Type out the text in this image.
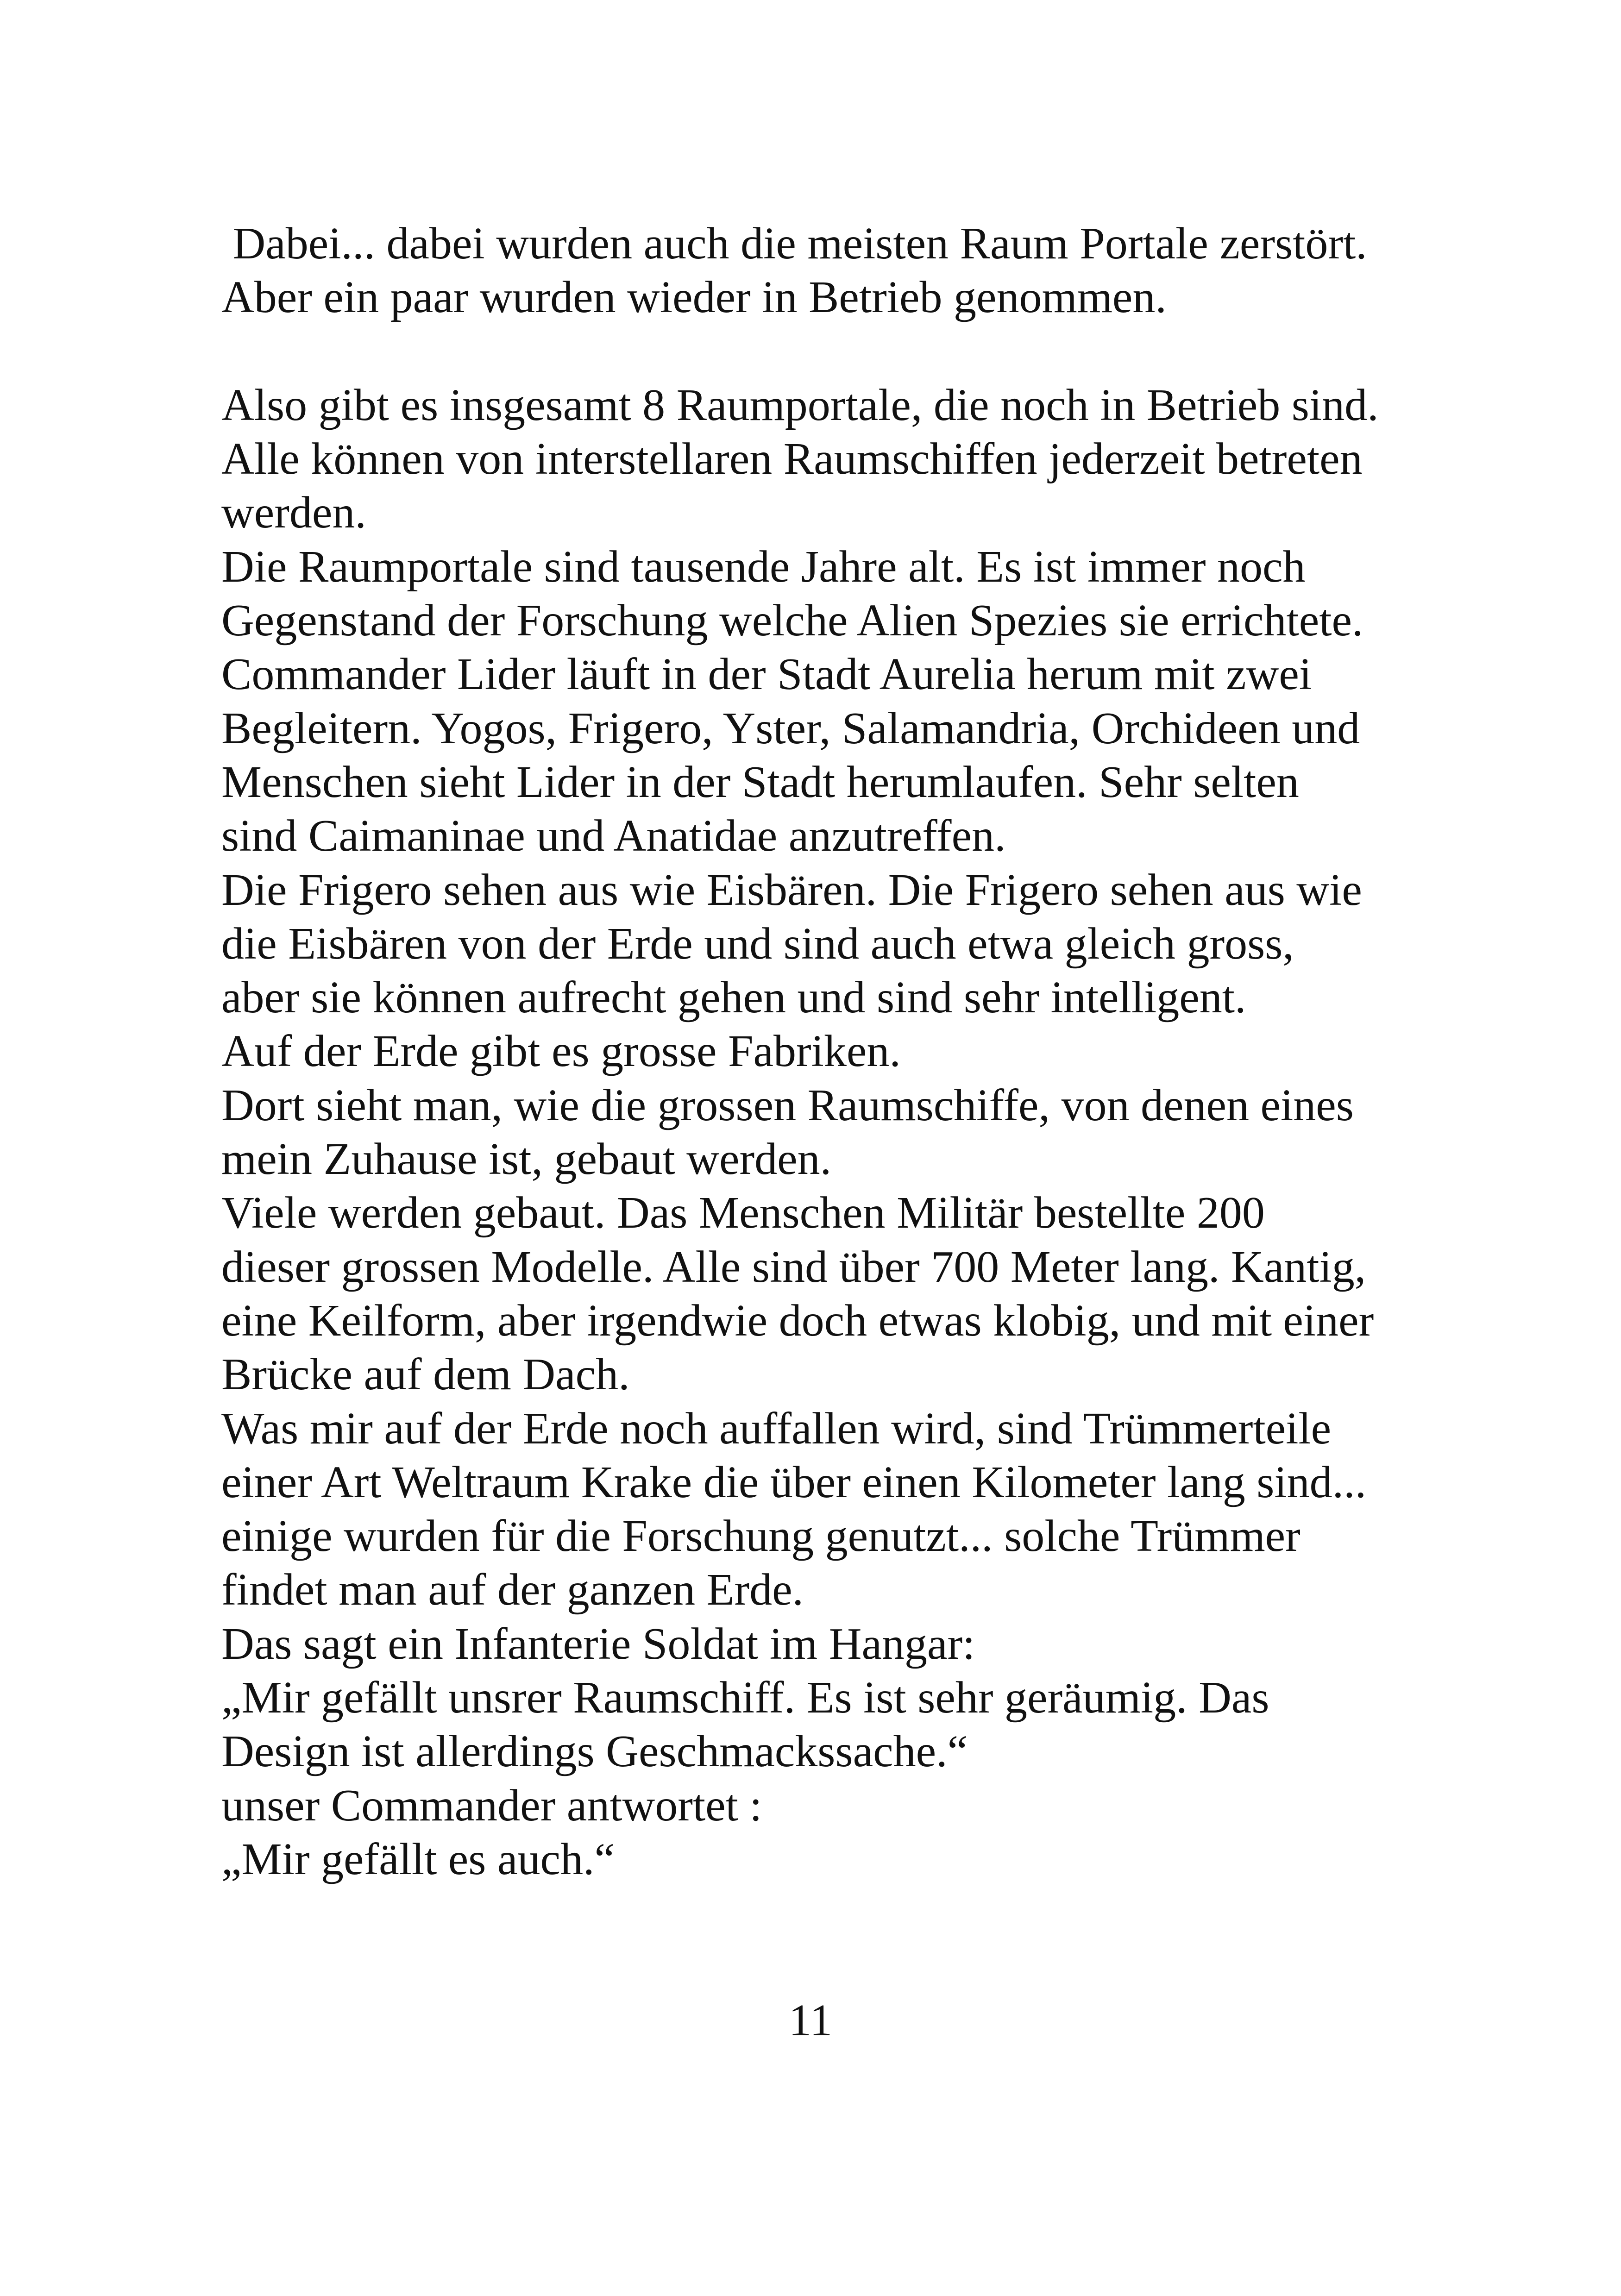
Dabei... dabei wurden auch die meisten Raum Portale zerstört.
Aber ein paar wurden wieder in Betrieb genommen.
Also gibt es insgesamt 8 Raumportale, die noch in Betrieb sind.
Alle können von interstellaren Raumschiffen jederzeit betreten
werden.
Die Raumportale sind tausende Jahre alt. Es ist immer noch
Gegenstand der Forschung welche Alien Spezies sie errichtete.
Commander Lider läuft in der Stadt Aurelia herum mit zwei
Begleitern. Yogos, Frigero, Yster, Salamandria, Orchideen und
Menschen sieht Lider in der Stadt herumlaufen. Sehr selten
sind Caimaninae und Anatidae anzutreffen.
Die Frigero sehen aus wie Eisbären. Die Frigero sehen aus wie
die Eisbären von der Erde und sind auch etwa gleich gross,
aber sie können aufrecht gehen und sind sehr intelligent.
Auf der Erde gibt es grosse Fabriken.
Dort sieht man, wie die grossen Raumschiffe, von denen eines
mein Zuhause ist, gebaut werden.
Viele werden gebaut. Das Menschen Militär bestellte 200
dieser grossen Modelle. Alle sind über 700 Meter lang. Kantig,
eine Keilform, aber irgendwie doch etwas klobig, und mit einer
Brücke auf dem Dach.
Was mir auf der Erde noch auffallen wird, sind Trümmerteile
einer Art Weltraum Krake die über einen Kilometer lang sind...
einige wurden für die Forschung genutzt... solche Trümmer
findet man auf der ganzen Erde.
Das sagt ein Infanterie Soldat im Hangar:
„Mir gefällt unsrer Raumschiff. Es ist sehr geräumig. Das
Design ist allerdings Geschmackssache.“
unser Commander antwortet :
„Mir gefällt es auch.“
11
